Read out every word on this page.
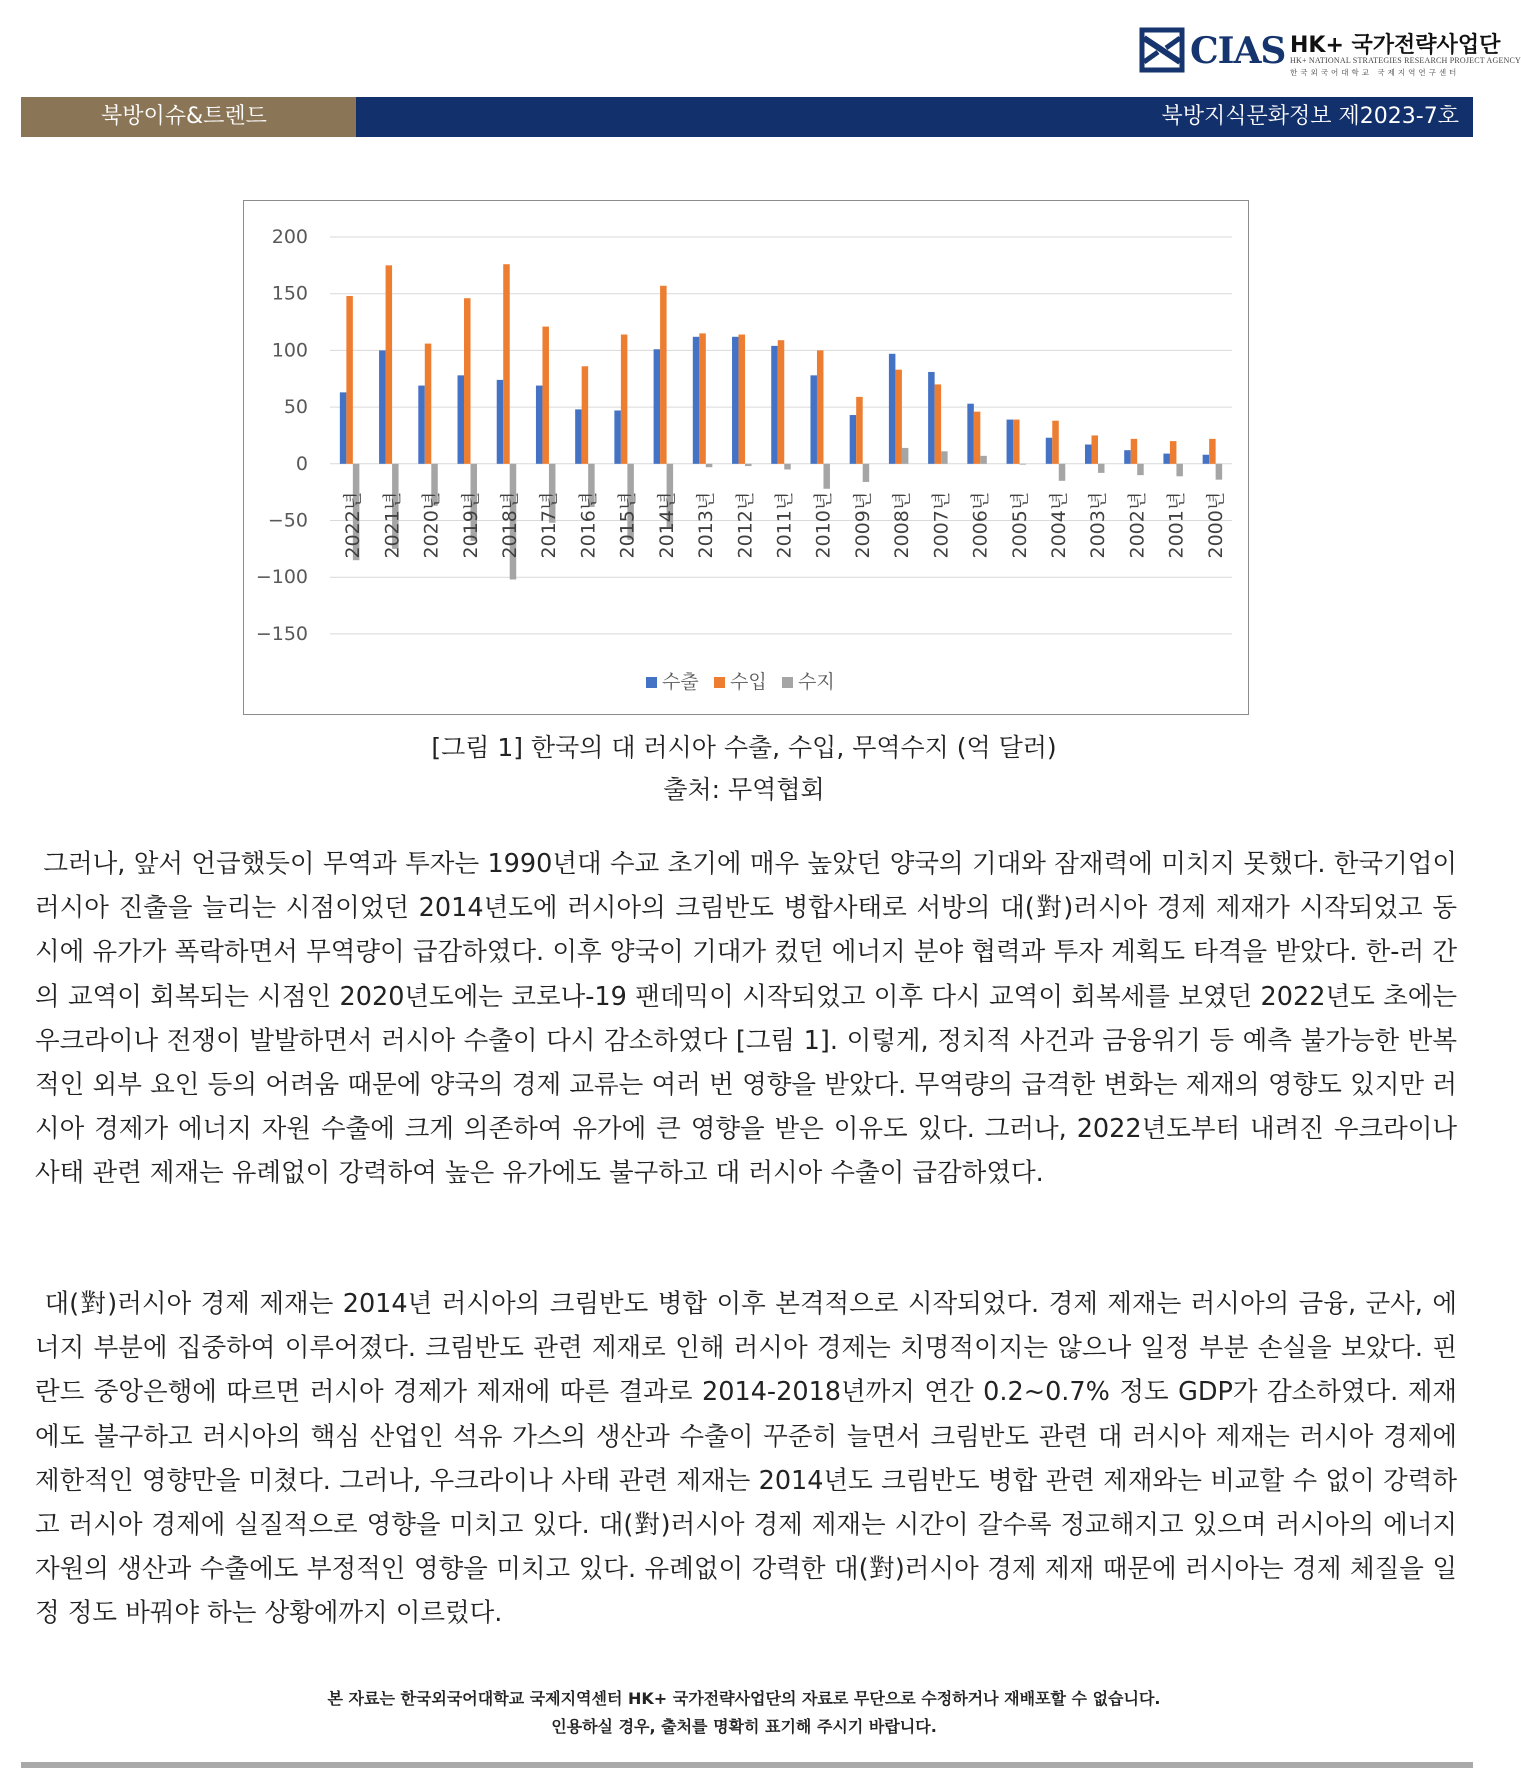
CIAS HK+ 국가전략사업단
HK+ NATIONAL STRATEGIES RESEARCH PROJECT AGENCY
한국외국어대학교 국제지역연구센터
북방이슈&트렌드	북방지식문화정보 제2023-7호
200
150
100
50
0
−50
−100
−150
2022년 2021년 2020년 2019년 2018년 2017년 2016년 2015년 2014년 2013년 2012년 2011년 2010년 2009년 2008년 2007년 2006년 2005년 2004년 2003년 2002년 2001년 2000년
수출 수입 수지
[그림 1] 한국의 대 러시아 수출, 수입, 무역수지 (억 달러)
출처: 무역협회
그러나, 앞서 언급했듯이 무역과 투자는 1990년대 수교 초기에 매우 높았던 양국의 기대와 잠재력에 미치지 못했다. 한국기업이 러시아 진출을 늘리는 시점이었던 2014년도에 러시아의 크림반도 병합사태로 서방의 대(對)러시아 경제 제재가 시작되었고 동시에 유가가 폭락하면서 무역량이 급감하였다. 이후 양국이 기대가 컸던 에너지 분야 협력과 투자 계획도 타격을 받았다. 한-러 간의 교역이 회복되는 시점인 2020년도에는 코로나-19 팬데믹이 시작되었고 이후 다시 교역이 회복세를 보였던 2022년도 초에는 우크라이나 전쟁이 발발하면서 러시아 수출이 다시 감소하였다 [그림 1]. 이렇게, 정치적 사건과 금융위기 등 예측 불가능한 반복적인 외부 요인 등의 어려움 때문에 양국의 경제 교류는 여러 번 영향을 받았다. 무역량의 급격한 변화는 제재의 영향도 있지만 러시아 경제가 에너지 자원 수출에 크게 의존하여 유가에 큰 영향을 받은 이유도 있다. 그러나, 2022년도부터 내려진 우크라이나 사태 관련 제재는 유례없이 강력하여 높은 유가에도 불구하고 대 러시아 수출이 급감하였다.
대(對)러시아 경제 제재는 2014년 러시아의 크림반도 병합 이후 본격적으로 시작되었다. 경제 제재는 러시아의 금융, 군사, 에너지 부분에 집중하여 이루어졌다. 크림반도 관련 제재로 인해 러시아 경제는 치명적이지는 않으나 일정 부분 손실을 보았다. 핀란드 중앙은행에 따르면 러시아 경제가 제재에 따른 결과로 2014-2018년까지 연간 0.2~0.7% 정도 GDP가 감소하였다. 제재에도 불구하고 러시아의 핵심 산업인 석유 가스의 생산과 수출이 꾸준히 늘면서 크림반도 관련 대 러시아 제재는 러시아 경제에 제한적인 영향만을 미쳤다. 그러나, 우크라이나 사태 관련 제재는 2014년도 크림반도 병합 관련 제재와는 비교할 수 없이 강력하고 러시아 경제에 실질적으로 영향을 미치고 있다. 대(對)러시아 경제 제재는 시간이 갈수록 정교해지고 있으며 러시아의 에너지 자원의 생산과 수출에도 부정적인 영향을 미치고 있다. 유례없이 강력한 대(對)러시아 경제 제재 때문에 러시아는 경제 체질을 일정 정도 바꿔야 하는 상황에까지 이르렀다.
본 자료는 한국외국어대학교 국제지역센터 HK+ 국가전략사업단의 자료로 무단으로 수정하거나 재배포할 수 없습니다.
인용하실 경우, 출처를 명확히 표기해 주시기 바랍니다.
